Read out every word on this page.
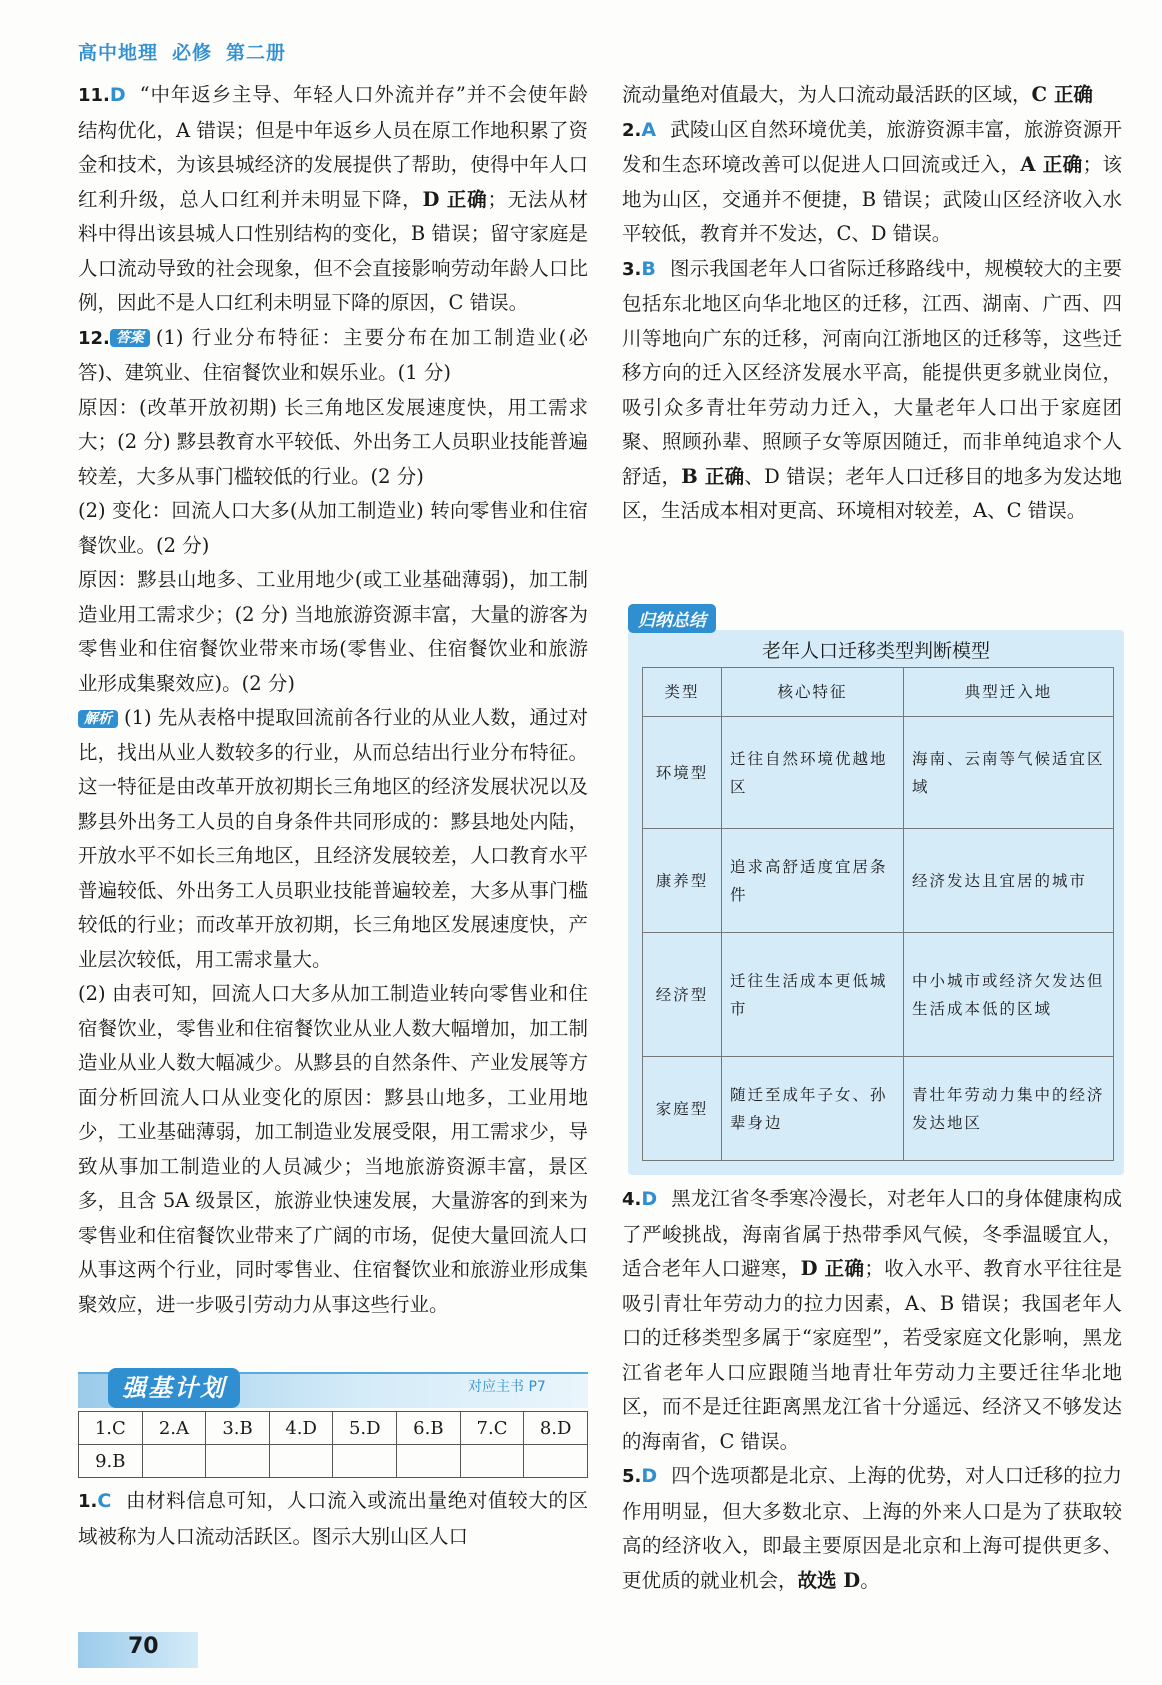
高中地理 必修 第二册

11.D “中年返乡主导、年轻人口外流并存”并不会使年龄结构优化，A 错误；但是中年返乡人员在原工作地积累了资金和技术，为该县城经济的发展提供了帮助，使得中年人口红利升级，总人口红利并未明显下降，D 正确；无法从材料中得出该县城人口性别结构的变化，B 错误；留守家庭是人口流动导致的社会现象，但不会直接影响劳动年龄人口比例，因此不是人口红利未明显下降的原因，C 错误。

12. 答案 (1) 行业分布特征：主要分布在加工制造业(必答)、建筑业、住宿餐饮业和娱乐业。(1 分)

原因：(改革开放初期) 长三角地区发展速度快，用工需求大；(2 分) 黟县教育水平较低、外出务工人员职业技能普遍较差，大多从事门槛较低的行业。(2 分)

(2) 变化：回流人口大多(从加工制造业) 转向零售业和住宿餐饮业。(2 分)

原因：黟县山地多、工业用地少(或工业基础薄弱)，加工制造业用工需求少；(2 分) 当地旅游资源丰富，大量的游客为零售业和住宿餐饮业带来市场(零售业、住宿餐饮业和旅游业形成集聚效应)。(2 分)

解析 (1) 先从表格中提取回流前各行业的从业人数，通过对比，找出从业人数较多的行业，从而总结出行业分布特征。这一特征是由改革开放初期长三角地区的经济发展状况以及黟县外出务工人员的自身条件共同形成的：黟县地处内陆，开放水平不如长三角地区，且经济发展较差，人口教育水平普遍较低、外出务工人员职业技能普遍较差，大多从事门槛较低的行业；而改革开放初期，长三角地区发展速度快，产业层次较低，用工需求量大。

(2) 由表可知，回流人口大多从加工制造业转向零售业和住宿餐饮业，零售业和住宿餐饮业从业人数大幅增加，加工制造业从业人数大幅减少。从黟县的自然条件、产业发展等方面分析回流人口从业变化的原因：黟县山地多，工业用地少，工业基础薄弱，加工制造业发展受限，用工需求少，导致从事加工制造业的人员减少；当地旅游资源丰富，景区多，且含 5A 级景区，旅游业快速发展，大量游客的到来为零售业和住宿餐饮业带来了广阔的市场，促使大量回流人口从事这两个行业，同时零售业、住宿餐饮业和旅游业形成集聚效应，进一步吸引劳动力从事这些行业。

强基计划	对应主书 P7
1.C	2.A	3.B	4.D	5.D	6.B	7.C	8.D
9.B							

1.C 由材料信息可知，人口流入或流出量绝对值较大的区域被称为人口流动活跃区。图示大别山区人口

流动量绝对值最大，为人口流动最活跃的区域，C 正确

2.A 武陵山区自然环境优美，旅游资源丰富，旅游资源开发和生态环境改善可以促进人口回流或迁入，A 正确；该地为山区，交通并不便捷，B 错误；武陵山区经济收入水平较低，教育并不发达，C、D 错误。

3.B 图示我国老年人口省际迁移路线中，规模较大的主要包括东北地区向华北地区的迁移，江西、湖南、广西、四川等地向广东的迁移，河南向江浙地区的迁移等，这些迁移方向的迁入区经济发展水平高，能提供更多就业岗位，吸引众多青壮年劳动力迁入，大量老年人口出于家庭团聚、照顾孙辈、照顾子女等原因随迁，而非单纯追求个人舒适，B 正确、D 错误；老年人口迁移目的地多为发达地区，生活成本相对更高、环境相对较差，A、C 错误。

归纳总结
老年人口迁移类型判断模型
类型	核心特征	典型迁入地
环境型	迁往自然环境优越地区	海南、云南等气候适宜区域
康养型	追求高舒适度宜居条件	经济发达且宜居的城市
经济型	迁往生活成本更低城市	中小城市或经济欠发达但生活成本低的区域
家庭型	随迁至成年子女、孙辈身边	青壮年劳动力集中的经济发达地区

4.D 黑龙江省冬季寒冷漫长，对老年人口的身体健康构成了严峻挑战，海南省属于热带季风气候，冬季温暖宜人，适合老年人口避寒，D 正确；收入水平、教育水平往往是吸引青壮年劳动力的拉力因素，A、B 错误；我国老年人口的迁移类型多属于“家庭型”，若受家庭文化影响，黑龙江省老年人口应跟随当地青壮年劳动力主要迁往华北地区，而不是迁往距离黑龙江省十分遥远、经济又不够发达的海南省，C 错误。

5.D 四个选项都是北京、上海的优势，对人口迁移的拉力作用明显，但大多数北京、上海的外来人口是为了获取较高的经济收入，即最主要原因是北京和上海可提供更多、更优质的就业机会，故选 D。

70
